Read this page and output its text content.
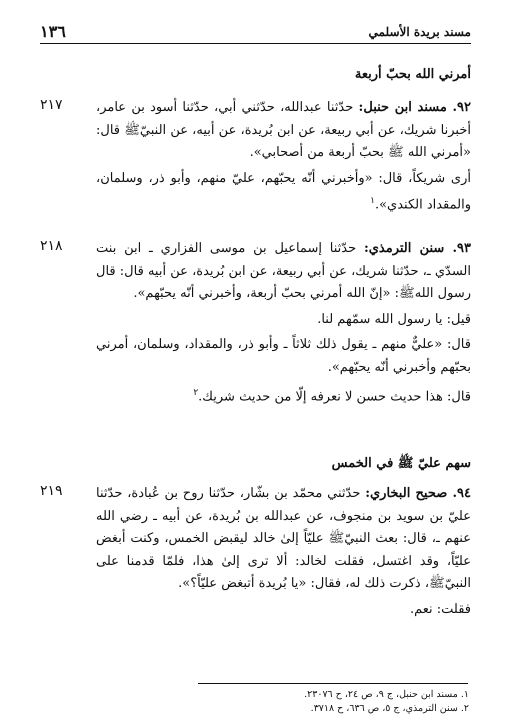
مسند بريدة الأسلمي
١٣٦
أمرني الله بحبّ أربعة
٢١٧	٩٢. مسند ابن حنبل: حدّثنا عبدالله، حدّثني أبي، حدّثنا أسود بن عامر، أخبرنا شريك، عن أبي ربيعة، عن ابن بُريدة، عن أبيه، عن النبيّﷺ قال: «أمرني الله ﷺ بحبّ أربعة من أصحابي».

أرى شريكاً، قال: «وأخبرني أنّه يحبّهم، عليّ منهم، وأبو ذر، وسلمان، والمقداد الكندي».$^١$

٢١٨	٩٣. سنن الترمذي: حدّثنا إسماعيل بن موسى الفزاري ـ ابن بنت السدّي ـ، حدّثنا شريك، عن أبي ربيعة، عن ابن بُريدة، عن أبيه قال: قال رسول اللهﷺ: «إنّ الله أمرني بحبّ أربعة، وأخبرني أنّه يحبّهم».

قيل: يا رسول الله سمّهم لنا.

قال: «عليٌّ منهم ـ يقول ذلك ثلاثاً ـ وأبو ذر، والمقداد، وسلمان، أمرني بحبّهم وأخبرني أنّه يحبّهم».

قال: هذا حديث حسن لا نعرفه إلّا من حديث شريك.$^٢$

سهم عليّ ﷺ في الخمس
٢١٩	٩٤. صحيح البخاري: حدّثني محمّد بن بشّار، حدّثنا روح بن عُبادة، حدّثنا عليّ بن سويد بن منجوف، عن عبدالله بن بُريدة، عن أبيه ـ رضي الله عنهم ـ، قال: بعث النبيّﷺ عليّاً إلىٰ خالد ليقبض الخمس، وكنت أبغض عليّاً، وقد اغتسل، فقلت لخالد: ألا ترى إلىٰ هذا، فلمّا قدمنا على النبيّﷺ، ذكرت ذلك له، فقال: «يا بُريدة أتبغض عليّاً؟».

فقلت: نعم.

١. مسند ابن حنبل، ج ٩، ص ٢٤، ح ٢٣٠٧٦.
٢. سنن الترمذي، ج ٥، ص ٦٣٦، ح ٣٧١٨.
